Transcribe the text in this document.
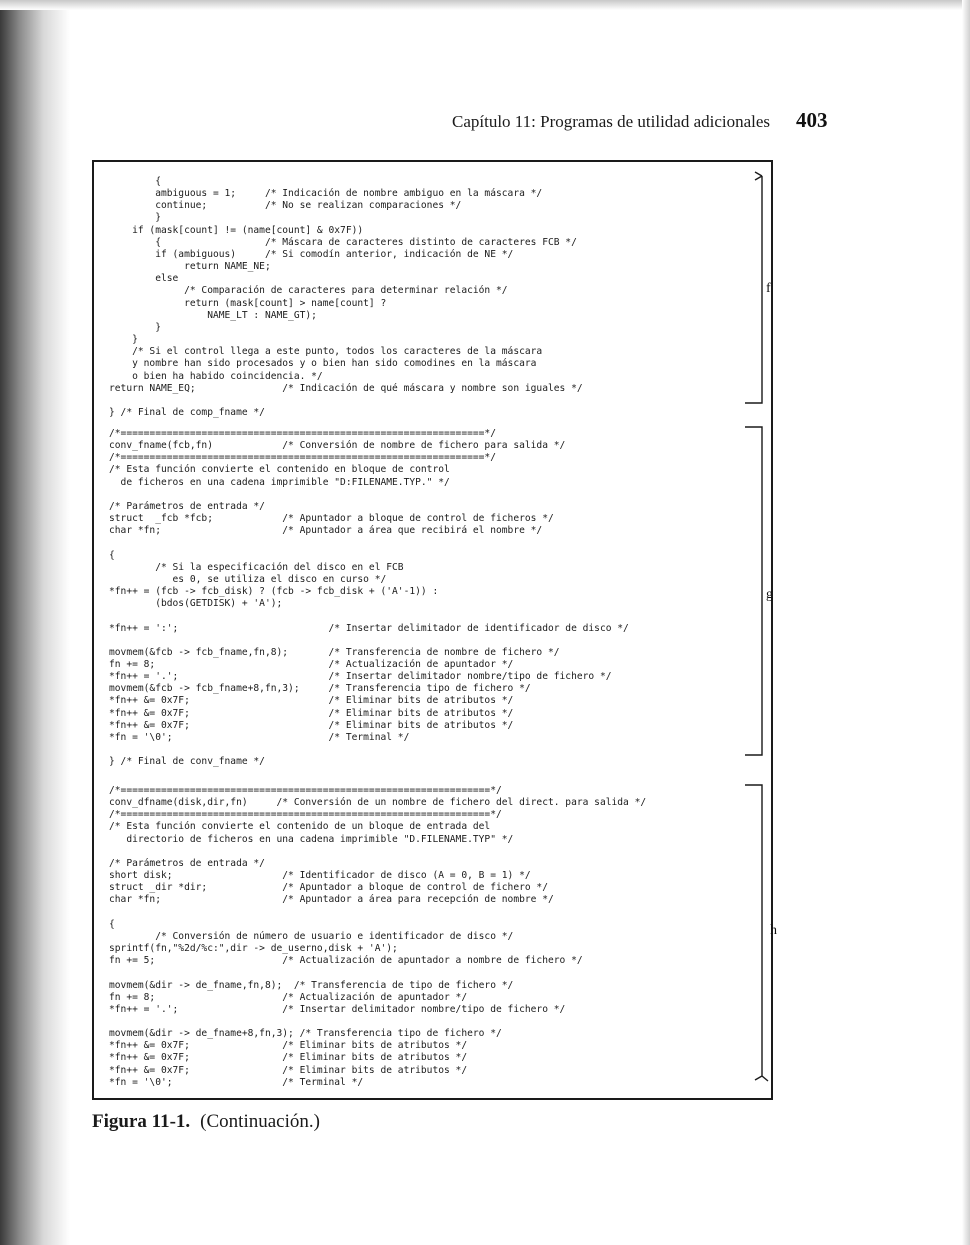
Capítulo 11: Programas de utilidad adicionales 403
{
ambiguous = 1;     /* Indicación de nombre ambiguo en la máscara */
continue;          /* No se realizan comparaciones */
}
if (mask[count] != (name[count] & 0x7F))
{                  /* Máscara de caracteres distinto de caracteres FCB */
if (ambiguous)     /* Si comodín anterior, indicación de NE */
return NAME_NE;
else
/* Comparación de caracteres para determinar relación */
return (mask[count] > name[count] ?
NAME_LT : NAME_GT);
}
}
/* Si el control llega a este punto, todos los caracteres de la máscara
y nombre han sido procesados y o bien han sido comodines en la máscara
o bien ha habido coincidencia. */
return NAME_EQ;               /* Indicación de qué máscara y nombre son iguales */

} /* Final de comp_fname */
/*===============================================================*/
conv_fname(fcb,fn)            /* Conversión de nombre de fichero para salida */
/*===============================================================*/
/* Esta función convierte el contenido en bloque de control
de ficheros en una cadena imprimible "D:FILENAME.TYP." */

/* Parámetros de entrada */
struct  _fcb *fcb;            /* Apuntador a bloque de control de ficheros */
char *fn;                     /* Apuntador a área que recibirá el nombre */

{
/* Si la especificación del disco en el FCB
es 0, se utiliza el disco en curso */
*fn++ = (fcb -> fcb_disk) ? (fcb -> fcb_disk + ('A'-1)) :
(bdos(GETDISK) + 'A');

*fn++ = ':';                          /* Insertar delimitador de identificador de disco */

movmem(&fcb -> fcb_fname,fn,8);       /* Transferencia de nombre de fichero */
fn += 8;                              /* Actualización de apuntador */
*fn++ = '.';                          /* Insertar delimitador nombre/tipo de fichero */
movmem(&fcb -> fcb_fname+8,fn,3);     /* Transferencia tipo de fichero */
*fn++ &= 0x7F;                        /* Eliminar bits de atributos */
*fn++ &= 0x7F;                        /* Eliminar bits de atributos */
*fn++ &= 0x7F;                        /* Eliminar bits de atributos */
*fn = '\0';                           /* Terminal */

} /* Final de conv_fname */
/*================================================================*/
conv_dfname(disk,dir,fn)     /* Conversión de un nombre de fichero del direct. para salida */
/*================================================================*/
/* Esta función convierte el contenido de un bloque de entrada del
directorio de ficheros en una cadena imprimible "D.FILENAME.TYP" */

/* Parámetros de entrada */
short disk;                   /* Identificador de disco (A = 0, B = 1) */
struct _dir *dir;             /* Apuntador a bloque de control de fichero */
char *fn;                     /* Apuntador a área para recepción de nombre */

{
/* Conversión de número de usuario e identificador de disco */
sprintf(fn,"%2d/%c:",dir -> de_userno,disk + 'A');
fn += 5;                      /* Actualización de apuntador a nombre de fichero */

movmem(&dir -> de_fname,fn,8);  /* Transferencia de tipo de fichero */
fn += 8;                      /* Actualización de apuntador */
*fn++ = '.';                  /* Insertar delimitador nombre/tipo de fichero */

movmem(&dir -> de_fname+8,fn,3); /* Transferencia tipo de fichero */
*fn++ &= 0x7F;                /* Eliminar bits de atributos */
*fn++ &= 0x7F;                /* Eliminar bits de atributos */
*fn++ &= 0x7F;                /* Eliminar bits de atributos */
*fn = '\0';                   /* Terminal */
f
g
h
Figura 11-1. (Continuación.)
